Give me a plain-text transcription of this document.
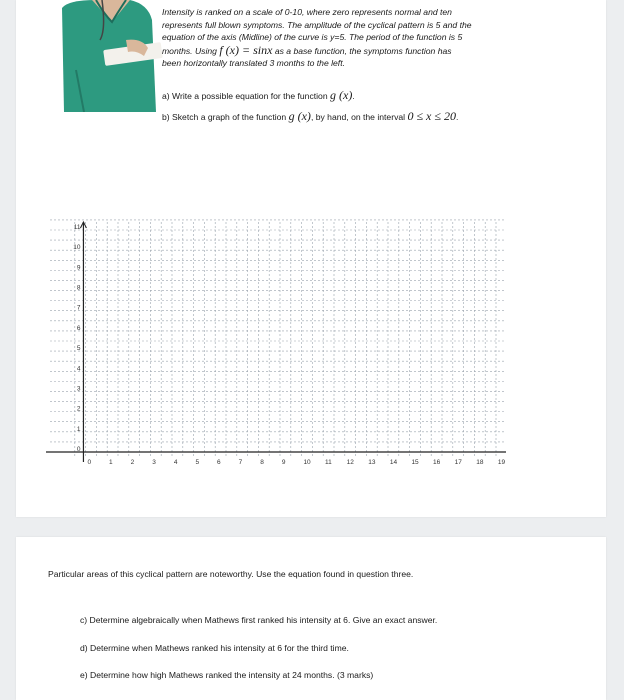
Intensity is ranked on a scale of 0-10, where zero represents normal and ten
represents full blown symptoms. The amplitude of the cyclical pattern is 5 and the
equation of the axis (Midline) of the curve is y=5. The period of the function is 5
months. Using f (x) = sinx as a base function, the symptoms function has
been horizontally translated 3 months to the left.
a) Write a possible equation for the function g (x).
b) Sketch a graph of the function g (x), by hand, on the interval 0 ≤ x ≤ 20.
0	1	2	3	4	5	6	7	8	9	10 11 12 13 14 15 16 17 18 19
0
1
2
3
4
5
6
7
8
9
10
11
Particular areas of this cyclical pattern are noteworthy. Use the equation found in question three.
c) Determine algebraically when Mathews first ranked his intensity at 6. Give an exact answer.
d) Determine when Mathews ranked his intensity at 6 for the third time.
e) Determine how high Mathews ranked the intensity at 24 months. (3 marks)
